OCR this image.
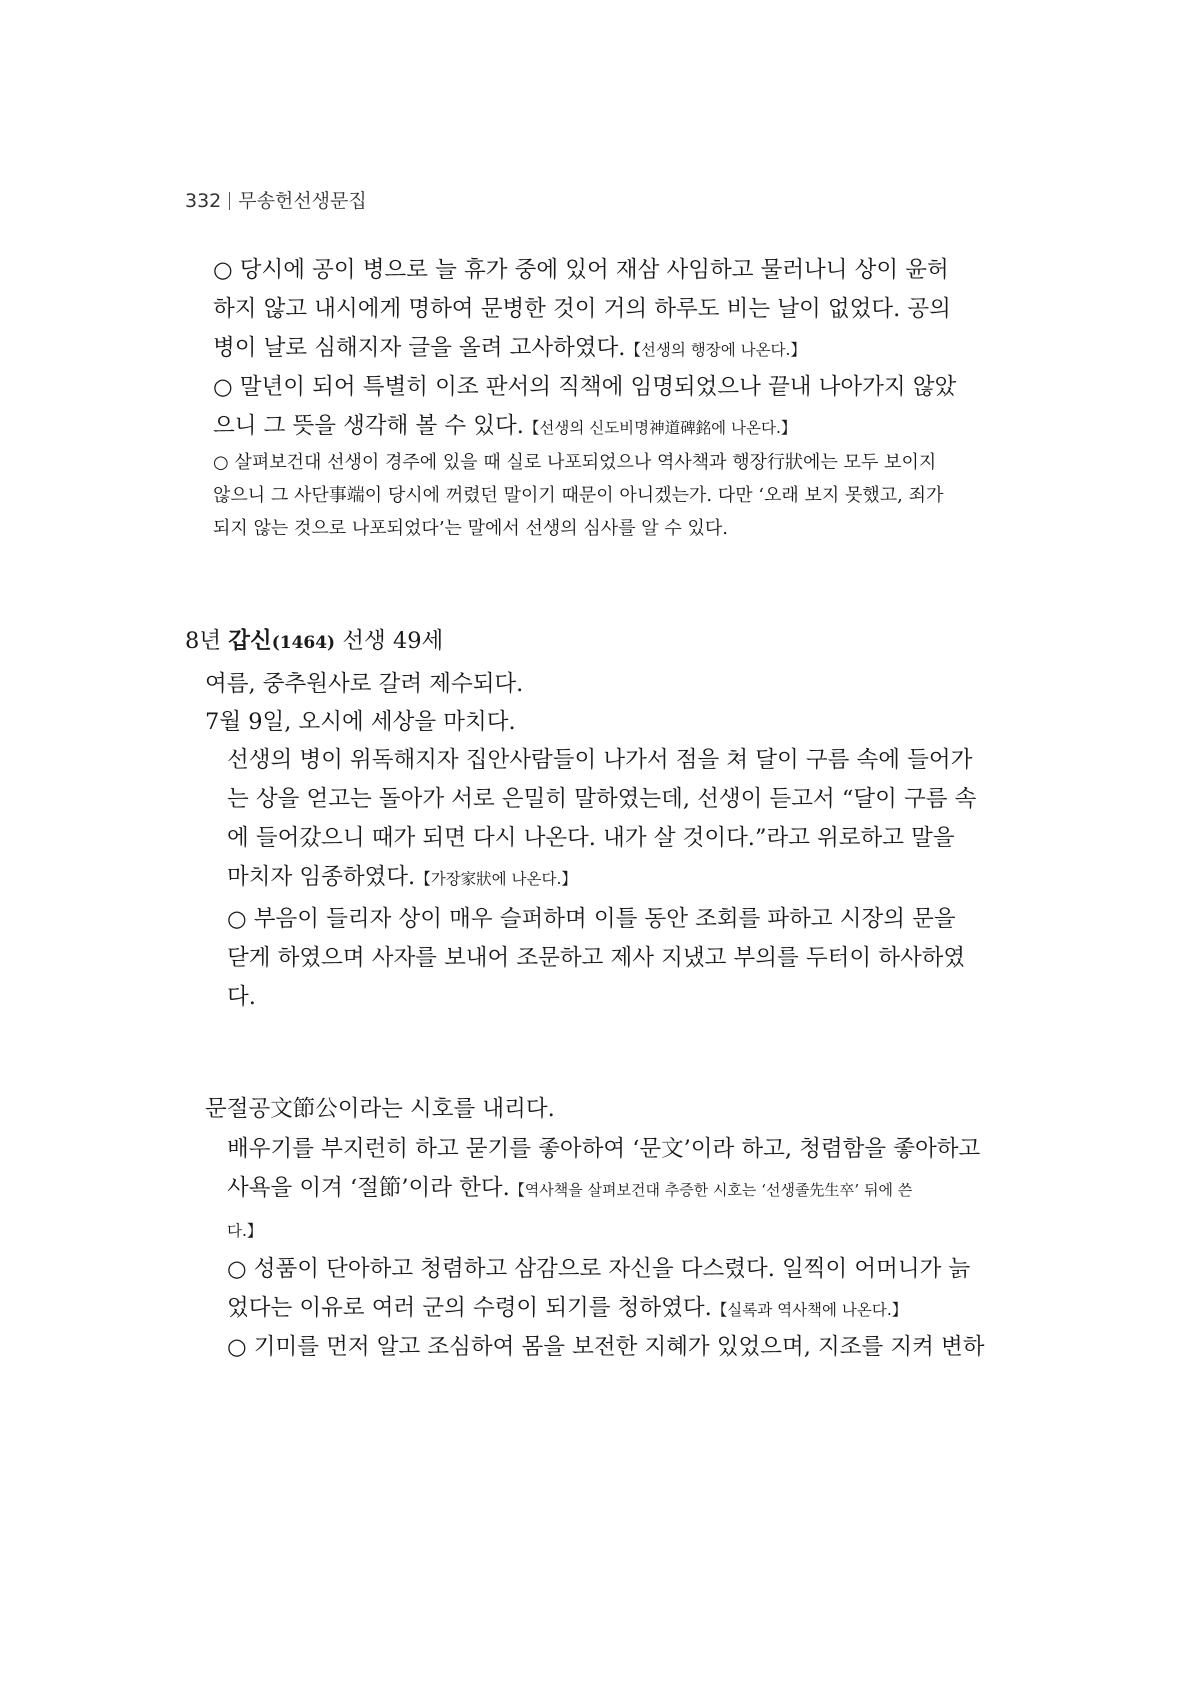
332 무송헌선생문집
○ 당시에 공이 병으로 늘 휴가 중에 있어 재삼 사임하고 물러나니 상이 윤허
하지 않고 내시에게 명하여 문병한 것이 거의 하루도 비는 날이 없었다. 공의
병이 날로 심해지자 글을 올려 고사하였다.【선생의 행장에 나온다.】
○ 말년이 되어 특별히 이조 판서의 직책에 임명되었으나 끝내 나아가지 않았
으니 그 뜻을 생각해 볼 수 있다.【선생의 신도비명神道碑銘에 나온다.】
○ 살펴보건대 선생이 경주에 있을 때 실로 나포되었으나 역사책과 행장行狀에는 모두 보이지
않으니 그 사단事端이 당시에 꺼렸던 말이기 때문이 아니겠는가. 다만 ‘오래 보지 못했고, 죄가
되지 않는 것으로 나포되었다’는 말에서 선생의 심사를 알 수 있다.
8년 갑신(1464) 선생 49세
여름, 중추원사로 갈려 제수되다.
7월 9일, 오시에 세상을 마치다.
선생의 병이 위독해지자 집안사람들이 나가서 점을 쳐 달이 구름 속에 들어가
는 상을 얻고는 돌아가 서로 은밀히 말하였는데, 선생이 듣고서 “달이 구름 속
에 들어갔으니 때가 되면 다시 나온다. 내가 살 것이다.”라고 위로하고 말을
마치자 임종하였다.【가장家狀에 나온다.】
○ 부음이 들리자 상이 매우 슬퍼하며 이틀 동안 조회를 파하고 시장의 문을
닫게 하였으며 사자를 보내어 조문하고 제사 지냈고 부의를 두터이 하사하였
다.
문절공文節公이라는 시호를 내리다.
배우기를 부지런히 하고 묻기를 좋아하여 ‘문文’이라 하고, 청렴함을 좋아하고
사욕을 이겨 ‘절節’이라 한다.【역사책을 살펴보건대 추증한 시호는 ‘선생졸先生卒’ 뒤에 쓴
다.】
○ 성품이 단아하고 청렴하고 삼감으로 자신을 다스렸다. 일찍이 어머니가 늙
었다는 이유로 여러 군의 수령이 되기를 청하였다.【실록과 역사책에 나온다.】
○ 기미를 먼저 알고 조심하여 몸을 보전한 지혜가 있었으며, 지조를 지켜 변하
